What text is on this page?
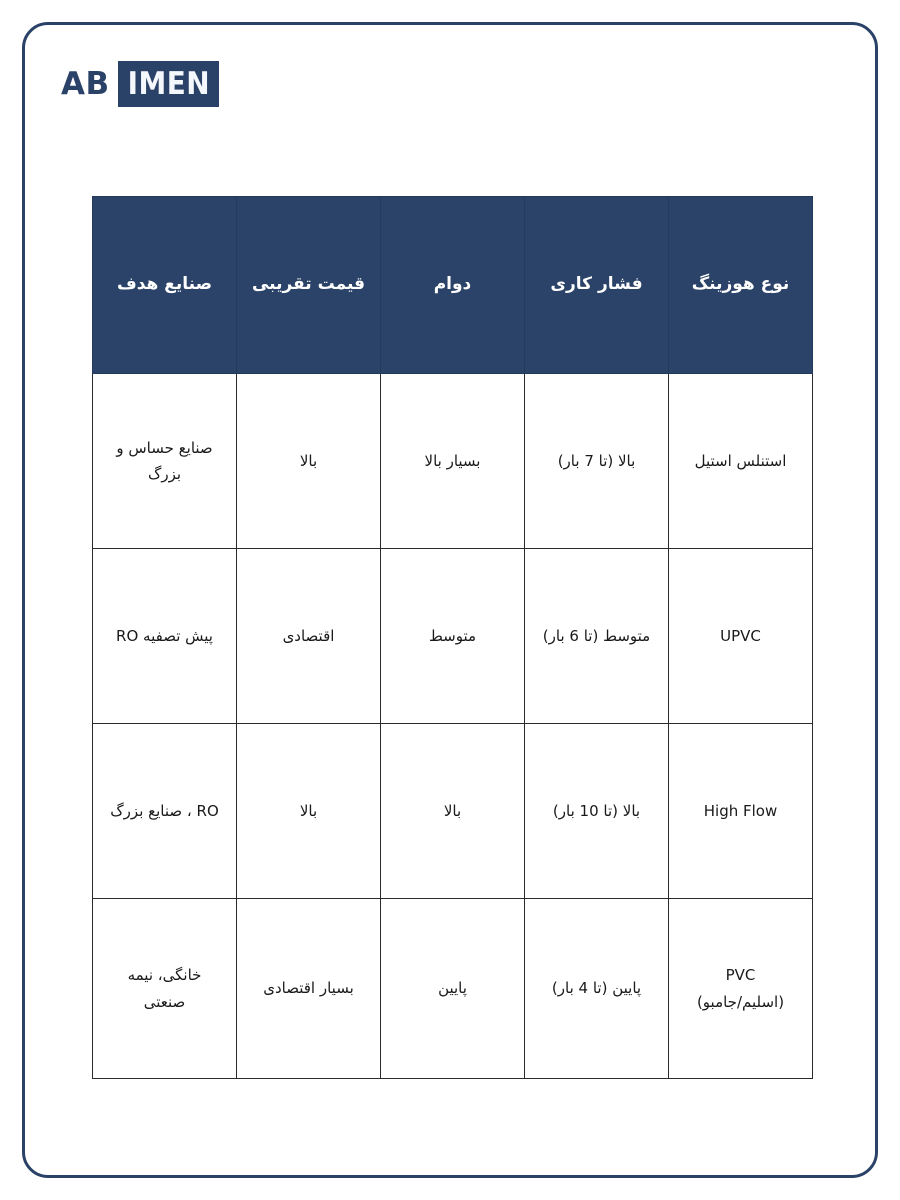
IMEN
AB
نوع هوزینگ	فشار کاری	دوام	قیمت تقریبی	صنایع هدف

استنلس استیل	بالا (تا 7 بار)	بسیار بالا	بالا	صنایع حساس و
بزرگ

UPVC	متوسط (تا 6 بار)	متوسط	اقتصادی	پیش تصفیه RO

High Flow	بالا (تا 10 بار)	بالا	بالا	RO ، صنایع بزرگ

PVC
(اسلیم/جامبو)	پایین (تا 4 بار)	پایین	بسیار اقتصادی	خانگی، نیمه
صنعتی
